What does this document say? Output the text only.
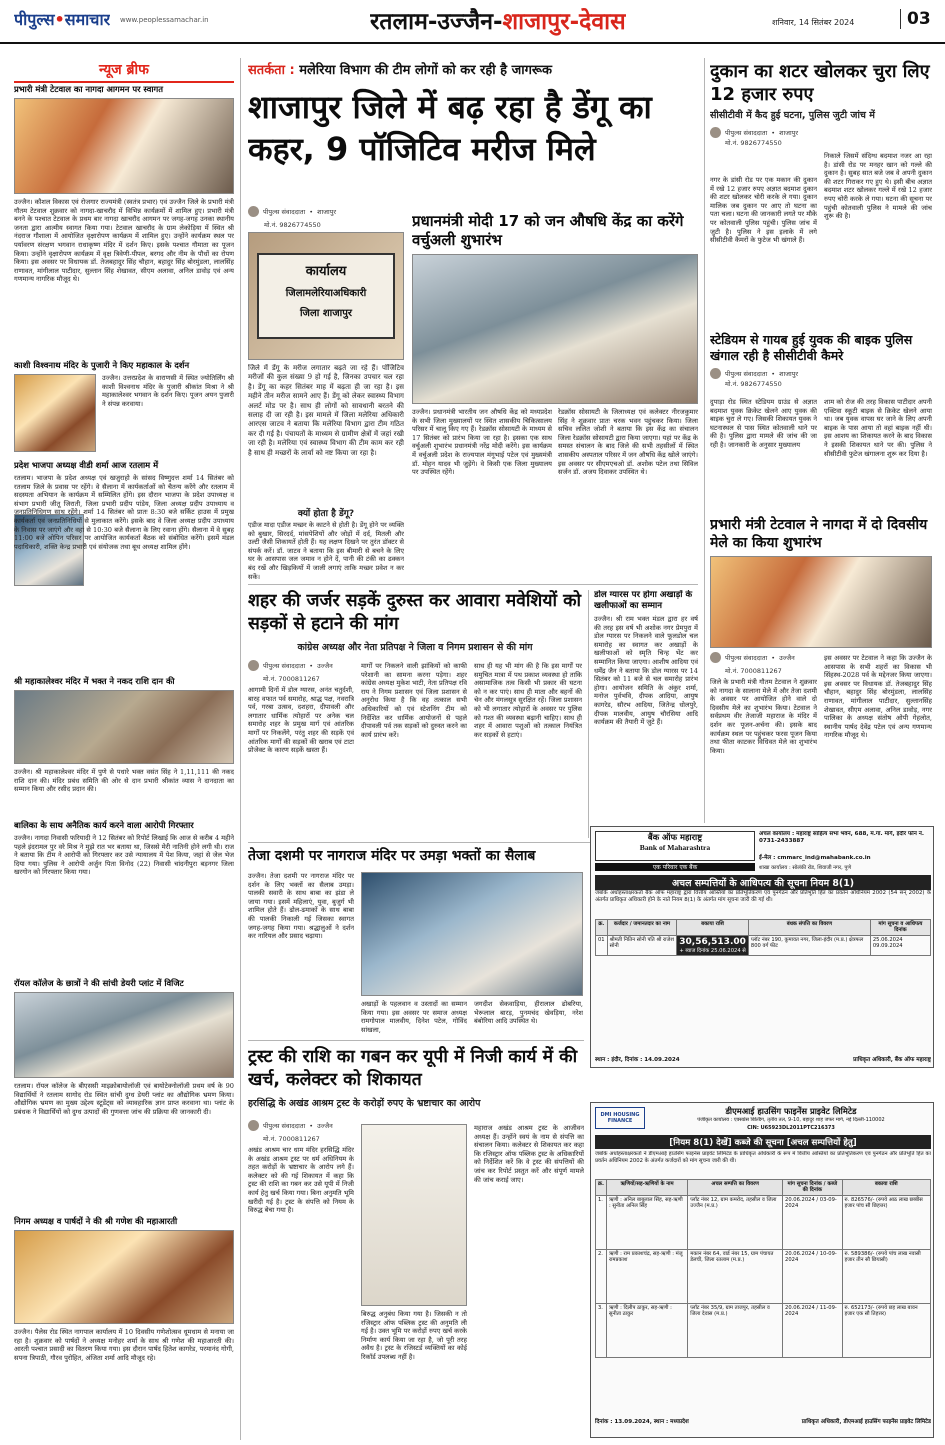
पीपुल्स•समाचार www.peoplessamachar.in	रतलाम-उज्जैन-शाजापुर-देवास	शनिवार, 14 सितंबर 2024	03
न्यूज ब्रीफ
प्रभारी मंत्री टेटवाल का नागदा आगमन पर स्वागत
उज्जैन। कौशल विकास एवं रोजगार राज्यमंत्री (स्वतंत्र प्रभार) एवं उज्जैन जिले के प्रभारी मंत्री गौतम टेटवाल शुक्रवार को नागदा-खाचरौद में विभिन्न कार्यक्रमों में शामिल हुए। प्रभारी मंत्री बनने के पश्चात टेटवाल के प्रथम बार नागदा खाचरौद आगमन पर जगह-जगह उनका स्थानीय जनता द्वारा आत्मीय स्वागत किया गया। टेटवाल खाचरौद के ग्राम लेकोड़िया में स्थित श्री नंदराज गौशाला में आयोजित वृक्षारोपण कार्यक्रम में शामिल हुए। उन्होंने कार्यक्रम स्थल पर पर्यावरण संरक्षण भगवान राधाकृष्ण मंदिर में दर्शन किए। इसके पश्चात गौमाता का पूजन किया। उन्होंने वृक्षारोपण कार्यक्रम में वृक्ष त्रिवेणी-पीपल, बरगद और नीम के पौधों का रोपण किया। इस अवसर पर विधायक डॉ. तेजबहादुर सिंह चौहान, बहादुर सिंह बोरमुंडला, लालसिंह राणावत, मांगीलाल पाटीदार, सुल्तान सिंह शेखावत, सीएम अलावा, अनिल डावोड़ एवं अन्य गणमान्य नागरिक मौजूद थे।
काशी विश्वनाथ मंदिर के पुजारी ने किए महाकाल के दर्शन
उज्जैन। उत्तरप्रदेश के वाराणसी में स्थित ज्योतिर्लिंग श्री काशी विश्वनाथ मंदिर के पुजारी श्रीकांत मिश्रा ने श्री महाकालेश्वर भगवान के दर्शन किए। पूजन अयन पुजारी ने संपन्न करवाया।
प्रदेश भाजपा अध्यक्ष वीडी शर्मा आज रतलाम में
रतलाम। भाजपा के प्रदेश अध्यक्ष एवं खजुराहो के सांसद विष्णुदत्त शर्मा 14 सितंबर को रतलाम जिले के प्रवास पर रहेंगे। वे सैलाना में कार्यकर्ताओं को चैतन्य करेंगे और रतलाम में सदस्यता अभियान के कार्यक्रम में सम्मिलित होंगे। इस दौरान भाजपा के प्रदेश उपाध्यक्ष व संभाग प्रभारी जीतू जिराती, जिला प्रभारी प्रदीप पांडेय, जिला अध्यक्ष प्रदीप उपाध्याय व जनप्रतिनिधिगण साथ रहेंगे। शर्मा 14 सितंबर को प्रातः 8:30 बजे सर्किट हाउस में प्रमुख कार्यकर्ता एवं जनप्रतिनिधियों से मुलाकात करेंगे। इसके बाद वे जिला अध्यक्ष प्रदीप उपाध्याय के निवास पर जाएंगे और वहां से 10:30 बजे सैलाना के लिए रवाना होंगे। सैलाना में वे सुबह 11:00 बजे ओपिन परिसर पर आयोजित कार्यकर्ता बैठक को संबोधित करेंगे। इसमें मंडल पदाधिकारी, शक्ति केन्द्र प्रभारी एवं संयोजक तथा बूथ अध्यक्ष शामिल होंगे।
श्री महाकालेश्वर मंदिर में भक्त ने नकद राशि दान की
उज्जैन। श्री महाकालेश्वर मंदिर में पुणे से पधारे भक्त वसंत सिंह ने 1,11,111 की नकद राशि दान की। मंदिर प्रबंध समिति की ओर से दान प्रभारी श्रीकांत व्यास ने दानदाता का सम्मान किया और रसीद प्रदान की।
बालिका के साथ अनैतिक कार्य करने वाला आरोपी गिरफ्तार
उज्जैन। नागदा निवासी फरियादी ने 12 सितंबर को रिपोर्ट लिखाई कि आज से करीब 4 महीने पहले इंदरामल पुर वरे मिश्र ने मुझे रात भर बताया था, जिससे मेरी नातिनी होने लगी थी। राज ने बताया कि टीम ने आरोपी को गिरफ्तार कर उसे न्यायालय में पेश किया, जहां से जेल भेज दिया गया। पुलिस ने आरोपी अर्जुन पिता विनोद (22) निवासी चांदनीपुरा बड़नगर जिला खरगोन को गिरफ्तार किया गया।
रॉयल कॉलेज के छात्रों ने की सांची डेयरी प्लांट में विजिट
रतलाम। रॉयल कॉलेज के बीएससी माइक्रोबायोलॉजी एवं बायोटेक्नोलॉजी प्रथम वर्ष के 90 विद्यार्थियों ने रतलाम सागोद रोड स्थित सांची दुग्ध डेयरी प्लांट का औद्योगिक भ्रमण किया। औद्योगिक भ्रमण का मुख्य उद्देश्य स्टूडेंट्स को व्यावहारिक ज्ञान प्राप्त करवाना था। प्लांट के प्रबंधक ने विद्यार्थियों को दुग्ध उत्पादों की गुणवत्ता जांच की प्रक्रिया की जानकारी दी।
निगम अध्यक्ष व पार्षदों ने की श्री गणेश की महाआरती
उज्जैन। पैलेस रोड स्थित नागपाल कार्यालय में 10 दिवसीय गणेशोत्सव धूमधाम से मनाया जा रहा है। शुक्रवार को पार्षदों ने अध्यक्ष मनोहर शर्मा के साथ श्री गणेश की महाआरती की। आरती पश्चात प्रसादी का वितरण किया गया। इस दौरान पार्षद हितेश कागरेड, परमानंद गोगी, सपना त्रिपाठी, गौरव पुरोहित, अंजिता शर्मा आदि मौजूद रहे।
सतर्कता : मलेरिया विभाग की टीम लोगों को कर रही है जागरूक
शाजापुर जिले में बढ़ रहा है डेंगू का कहर, 9 पॉजिटिव मरीज मिले
पीपुल्स संवाददाता • शाजापुर
मो.नं. 9826774550
कार्यालय
जिलामलेरियाअधिकारी
जिला शाजापुर
जिले में डेंगू के मरीज लगातार बढ़ते जा रहे हैं। पॉजिटिव मरीजों की कुल संख्या 9 हो गई है, जिनका उपचार चल रहा है। डेंगू का कहर सितंबर माह में बढ़ता ही जा रहा है। इस महीने तीन मरीज सामने आए हैं। डेंगू को लेकर स्वास्थ्य विभाग अलर्ट मोड पर है। साथ ही लोगों को सावधानी बरतने की सलाह दी जा रही है। इस मामले में जिला मलेरिया अधिकारी आरएस जाटव ने बताया कि मलेरिया विभाग द्वारा टीम गठित कर दी गई है। पंचायतों के माध्यम से ग्रामीण क्षेत्रों में जहां रखी जा रही है। मलेरिया एवं स्वास्थ्य विभाग की टीम काम कर रही है साथ ही मच्छरों के लार्वा को नष्ट किया जा रहा है।
क्यों होता है डेंगू?
एडीज मादा एडीज मच्छर के काटने से होती है। डेंगू होने पर व्यक्ति को बुखार, सिरदर्द, मांसपेशियों और जोड़ों में दर्द, मितली और उल्टी जैसी शिकायतें होती हैं। यह लक्षण दिखने पर तुरंत डॉक्टर से संपर्क करें। डॉ. जाटव ने बताया कि इस बीमारी से बचने के लिए घर के आसपास जल जमाव न होने दें, पानी की टंकी का ढक्कन बंद रखें और खिड़कियों में जाली लगाएं ताकि मच्छर प्रवेश न कर सकें।
प्रधानमंत्री मोदी 17 को जन औषधि केंद्र का करेंगे वर्चुअली शुभारंभ
उज्जैन। प्रधानमंत्री भारतीय जन औषधि केंद्र को मध्यप्रदेश के सभी जिला मुख्यालयों पर स्थित शासकीय चिकित्सालय परिसर में चालू किए गए हैं। रेडक्रॉस सोसायटी के माध्यम से 17 सितंबर को प्रारंभ किया जा रहा है। इसका एक साथ वर्चुअली शुभारंभ प्रधानमंत्री नरेंद्र मोदी करेंगे। इस कार्यक्रम में वर्चुअली प्रदेश के राज्यपाल मंगूभाई पटेल एवं मुख्यमंत्री डॉ. मोहन यादव भी जुड़ेंगे। वे किसी एक जिला मुख्यालय पर उपस्थित रहेंगे।
रेडक्रॉस सोसायटी के जिलाध्यक्ष एवं कलेक्टर नीरजकुमार सिंह ने शुक्रवार प्रातः चरक भवन पहुंचकर किया। जिला सचिव ललित जोशी ने बताया कि इस केंद्र का संचालन जिला रेडक्रॉस सोसायटी द्वारा किया जाएगा। यहां पर केंद्र के समस्त संचालन के बाद जिले की सभी तहसीलों में स्थित शासकीय अस्पताल परिसर में जन औषधि केंद्र खोले जाएंगे। इस अवसर पर सीएमएचओ डॉ. अशोक पटेल तथा सिविल सर्जन डॉ. अजय दिवाकर उपस्थित थे।
दुकान का शटर खोलकर चुरा लिए 12 हजार रुपए
सीसीटीवी में कैद हुई घटना, पुलिस जुटी जांच में
पीपुल्स संवाददाता • शाजापुर
मो.नं. 9826774550
नगर के डांसी रोड पर एक मकान की दुकान में रखे 12 हजार रुपए अज्ञात बदमाश दुकान की शटर खोलकर चोरी करके ले गया। दुकान मालिक जब दुकान पर आए तो घटना का पता चला। घटना की जानकारी लगते पर मौके पर कोतवाली पुलिस पहुंची। पुलिस जांच में जुटी है। पुलिस ने इस इलाके में लगे सीसीटीवी कैमरों के फुटेज भी खंगाले हैं।
निकाले जिसमें संदिग्ध बदमाश नजर आ रहा है। डांसी रोड पर मनहर खान को गल्ले की दुकान है। सुबह सात बजे जब वे अपनी दुकान की शटर गिराकर गए हुए थे। इसी बीच अज्ञात बदमाश शटर खोलकर गल्ले में रखे 12 हजार रुपए चोरी करके ले गया। घटना की सूचना पर पहुंची कोतवाली पुलिस ने मामले की जांच शुरू की है।
स्टेडियम से गायब हुई युवक की बाइक पुलिस खंगाल रही है सीसीटीवी कैमरे
पीपुल्स संवाददाता • शाजापुर
मो.नं. 9826774550
दुपाड़ा रोड स्थित स्टेडियम ग्राउंड से अज्ञात बदमाश युवक क्रिकेट खेलने आए युवक की बाइक चुरा ले गए। जिसकी शिकायत युवक ने घटनास्थल से पास स्थित कोतवाली थाने पर की है। पुलिस द्वारा मामले की जांच की जा रही है। जानकारी के अनुसार मुख्यालय
शाम को रोज की तरह विकास पाटीदार अपनी एक्टिवा स्कूटी बाइक से क्रिकेट खेलने आया था। जब युवक वापस घर जाने के लिए अपनी बाइक के पास आया तो वहां बाइक नहीं थी। इस आशय का शिकायत करने के बाद विकास ने इसकी शिकायत थाने पर की। पुलिस ने सीसीटीवी फुटेज खंगालना शुरू कर दिया है।
प्रभारी मंत्री टेटवाल ने नागदा में दो दिवसीय मेले का किया शुभारंभ
पीपुल्स संवाददाता • उज्जैन
मो.नं. 7000811267
जिले के प्रभारी मंत्री गौतम टेटवाल ने शुक्रवार को नागदा के सालाना मेले में और तेजा दशमी के अवसर पर आयोजित होने वाले दो दिवसीय मेले का शुभारंभ किया। टेटवाल ने सर्वप्रथम वीर तेजाजी महाराज के मंदिर में दर्शन कर पूजन-अर्चना की। इसके बाद कार्यक्रम स्थल पर पहुंचकर फरस पूजन किया तथा फीता काटकर विधिवत मेले का शुभारंभ किया।
इस अवसर पर टेटवाल ने कहा कि उज्जैन के आसपास के सभी शहरों का विकास भी सिंहस्थ-2028 पर्व के मद्देनजर किया जाएगा। इस अवसर पर विधायक डॉ. तेजबहादुर सिंह चौहान, बहादुर सिंह बोरमुंडला, लालसिंह राणावत, मांगीलाल पाटीदार, सुल्तानसिंह शेखावत, सीएम अलावा, अनिल डावोड़, नगर पालिका के अध्यक्ष संतोष ओपी गेहलोत, स्थानीय पार्षद देवेंद्र पटेल एवं अन्य गणमान्य नागरिक मौजूद थे।
शहर की जर्जर सड़कें दुरुस्त कर आवारा मवेशियों को सड़कों से हटाने की मांग
कांग्रेस अध्यक्ष और नेता प्रतिपक्ष ने जिला व निगम प्रशासन से की मांग
पीपुल्स संवाददाता • उज्जैन
मो.नं. 7000811267
आगामी दिनों में डोल ग्यारस, अनंत चतुर्दशी, बारह वफात पर्व समारोह, श्राद्ध पक्ष, नवरात्रि पर्व, गरबा उत्सव, दशहरा, दीपावली और लगातार धार्मिक त्योहारों पर अनेक चल समारोह शहर के प्रमुख मार्ग एवं आंतरिक मार्गों पर निकलेंगे, परंतु शहर की सड़कें एवं आंतरिक मार्गों की सड़कों की खराब एवं टाटा प्रोजेक्ट के कारण सड़कें खस्ता हैं।
मार्गों पर निकलने वाली झांकियों को काफी परेशानी का सामना करना पड़ेगा। शहर कांग्रेस अध्यक्ष मुकेश भाटी, नेता प्रतिपक्ष रवि राय ने निगम प्रशासन एवं जिला प्रशासन से अनुरोध किया है कि वह तत्काल सभी अधिकारियों को एवं स्टेशनिंग टीम को निर्देशित कर धार्मिक आयोजनों से पहले दीपावली पर्व तक सड़कों को दुरुस्त करने का कार्य प्रारंभ करें।
साथ ही यह भी मांग की है कि इस मार्गों पर समुचित मात्रा में पथ प्रकाश व्यवस्था हो ताकि असामाजिक तत्व किसी भी प्रकार की घटना को न कर पाएं। साथ ही माता और बहनों की चेन और मंगलसूत्र सुरक्षित रहें। जिला प्रशासन को भी लगातार त्योहारों के अवसर पर पुलिस को गश्त की व्यवस्था बढ़ानी चाहिए। साथ ही शहर में आवारा पशुओं को तत्काल नियंत्रित कर सड़कों से हटाएं।
डोल ग्यारस पर होगा अखाड़ों के खलीफाओं का सम्मान
उज्जैन। श्री राम भक्त मंडल द्वारा हर वर्ष की तरह इस वर्ष भी अशोक नगर प्रेमपुरा में डोल ग्यारस पर निकलने वाले फूलडोल चल समारोह का स्वागत कर अखाड़ों के खलीफाओं को स्मृति चिन्ह भेंट कर सम्मानित किया जाएगा। आशीष आदिया एवं धर्मेंद्र जैन ने बताया कि डोल ग्यारस पर 14 सितंबर को 11 बजे से चल समारोह प्रारंभ होगा। आयोजन समिति के अंकुर शर्मा, मनोज पुर्वभवि, दीपक आदिया, आयुष कागरेड, सौरभ आदिया, जितेन्द्र धोलपुरे, दीपक मालवीय, आयुष चौरसिया आदि कार्यक्रम की तैयारी में जुटे हैं।
तेजा दशमी पर नागराज मंदिर पर उमड़ा भक्तों का सैलाब
उज्जैन। तेजा दशमी पर नागराज मंदिर पर दर्शन के लिए भक्तों का सैलाब उमड़ा। पालकी सवारी के साथ बाबा का झंडा ले जाया गया। इसमें महिलाएं, युवा, बुजुर्ग भी शामिल होते हैं। ढोल-ढमाकों के साथ बाबा की पालकी निकाली गई जिसका स्वागत जगह-जगह किया गया। श्रद्धालुओं ने दर्शन कर नारियल और प्रसाद चढ़ाया।
अखाड़ों के पहलवान व उस्तादों का सम्मान किया गया। इस अवसर पर समाज अध्यक्ष रामगोपाल मालवीय, दिनेश पटेल, गोविंद सांखला,
जगदीश सेकवाड़िया, हीरालाल ढोबरिया, भेरूलाल बारड़, पुनमचंद खेवड़िया, नरेश बंबोरिया आदि उपस्थित थे।
बैंक ऑफ महाराष्ट्र
Bank of Maharashtra
एक परिवार एक बैंक
अंचल कार्यालय : महाराष्ट्र साहित्य सभा भवन, 688, म.गां. मार्ग, इंदौर फोन नं. 0731-2433887
ई-मेल : cmmarc_ind@mahabank.co.in
शाखा कार्यालय : सोलंकी रोड, शिवाजी नगर, पुणे
अचल सम्पत्तियों के आधिपत्य की सूचना नियम 8(1)
जबकि अधोहस्ताक्षरकर्ता बैंक ऑफ महाराष्ट्र द्वारा वित्तीय आस्तियों का प्रतिभूतिकरण एवं पुनर्गठन और प्रतिभूति हित का प्रवर्तन अधिनियम 2002 (54 सन् 2002) के अंतर्गत प्राधिकृत अधिकारी होने के नाते नियम 8(1) के अंतर्गत मांग सूचना जारी की गई थी।
क्र.	कर्जदार / जमानतदार का नाम	बकाया राशि	बंधक संपत्ति का विवरण	मांग सूचना व आधिपत्य दिनांक
01	श्रीमती नितिन सोनी पति श्री राजेश सोनी	30,56,513.00
+ ब्याज दिनांक 25.06.2024 से	प्लॉट नंबर 190, कुमावत नगर, जिला-इंदौर (म.प्र.) क्षेत्रफल 800 वर्ग फीट	25.06.2024 09.09.2024
स्थान : इंदौर, दिनांक : 14.09.2024	प्राधिकृत अधिकारी, बैंक ऑफ महाराष्ट्र
ट्रस्ट की राशि का गबन कर यूपी में निजी कार्य में की खर्च, कलेक्टर को शिकायत
हरसिद्धि के अखंड आश्रम ट्रस्ट के करोड़ों रुपए के भ्रष्टाचार का आरोप
पीपुल्स संवाददाता • उज्जैन
मो.नं. 7000811267
अखंड आश्रम चार धाम मंदिर हरसिद्धि मंदिर के अखंड आश्रम ट्रस्ट पर धर्म अधिनियम के तहत करोड़ों के भ्रष्टाचार के आरोप लगे हैं। कलेक्टर को की गई शिकायत में कहा कि ट्रस्ट की राशि का गबन कर उसे यूपी में निजी कार्य हेतु खर्च किया गया। बिना अनुमति भूमि खरीदी गई है। ट्रस्ट के संपत्ति को नियम के विरुद्ध बेचा गया है।
बिरुद्ध अनुबंध किया गया है। जिसकी न तो रजिस्ट्रार ऑफ पब्लिक ट्रस्ट की अनुमति ली गई है। उक्त भूमि पर करोड़ों रुपए खर्च करके निर्माण कार्य किया जा रहा है, जो पूरी तरह अवैध है। ट्रस्ट के रजिस्टर्ड व्यक्तियों का कोई रिकॉर्ड उपलब्ध नहीं है।
महाराज अखंड आश्रम ट्रस्ट के आजीवन अध्यक्ष हैं। उन्होंने स्वयं के नाम से संपत्ति का संचालन किया। कलेक्टर से शिकायत कर कहा कि रजिस्ट्रार ऑफ पब्लिक ट्रस्ट के अधिकारियों को निर्देशित करें कि वे ट्रस्ट की संपत्तियों की जांच कर रिपोर्ट प्रस्तुत करें और संपूर्ण मामले की जांच कराई जाए।
DMI HOUSING FINANCE
डीएमआई हाउसिंग फाइनेंस प्राइवेट लिमिटेड
पंजीकृत कार्यालय : एक्सप्रेस बिल्डिंग, तृतीय तल, 9-10, बहादुर शाह जफर मार्ग, नई दिल्ली-110002
CIN: U65923DL2011PTC216373
[नियम 8(1) देखें] कब्जे की सूचना [अचल सम्पत्तियों हेतु]
जबकि अधोहस्ताक्षरकर्ता ने डीएमआई हाउसिंग फाइनेंस प्राइवेट लिमिटेड के प्राधिकृत अधिकारी के रूप में वित्तीय आस्तियों का प्रतिभूतिकरण एवं पुनर्गठन और प्रतिभूति हित का प्रवर्तन अधिनियम 2002 के अंतर्गत कर्जदारों को मांग सूचना जारी की थी।
क्र.	ऋणियों/सह-ऋणियों के नाम	अचल सम्पत्ति का विवरण	मांग सूचना दिनांक / कब्जे की दिनांक	बकाया राशि
1.	ऋणी : अनिल बाबूलाल सिंह, सह-ऋणी : सुनीता अनिल सिंह	प्लॉट नंबर 12, ग्राम कमरोद, तहसील व जिला उज्जैन (म.प्र.)	20.06.2024 / 03-09-2024	रु. 826576/- (रुपये आठ लाख छब्बीस हजार पांच सौ छिहत्तर)
2.	ऋणी : राम प्रकाशचंद्र, सह-ऋणी : मंजू रामप्रकाश	मकान नंबर 64, वार्ड नंबर 15, ग्राम पंचायत डेलची, जिला रतलाम (म.प्र.)	20.06.2024 / 10-09-2024	रु. 589386/- (रुपये पांच लाख नवासी हजार तीन सौ छियासी)
3.	ऋणी : दिलीप ठाकुर, सह-ऋणी : सुनीता ठाकुर	प्लॉट नंबर 35/9, ग्राम ताजपुर, तहसील व जिला देवास (म.प्र.)	20.06.2024 / 11-09-2024	रु. 652173/- (रुपये छह लाख बावन हजार एक सौ तिहत्तर)
दिनांक : 13.09.2024, स्थान : मध्यप्रदेश	प्राधिकृत अधिकारी, डीएमआई हाउसिंग फाइनेंस प्राइवेट लिमिटेड
